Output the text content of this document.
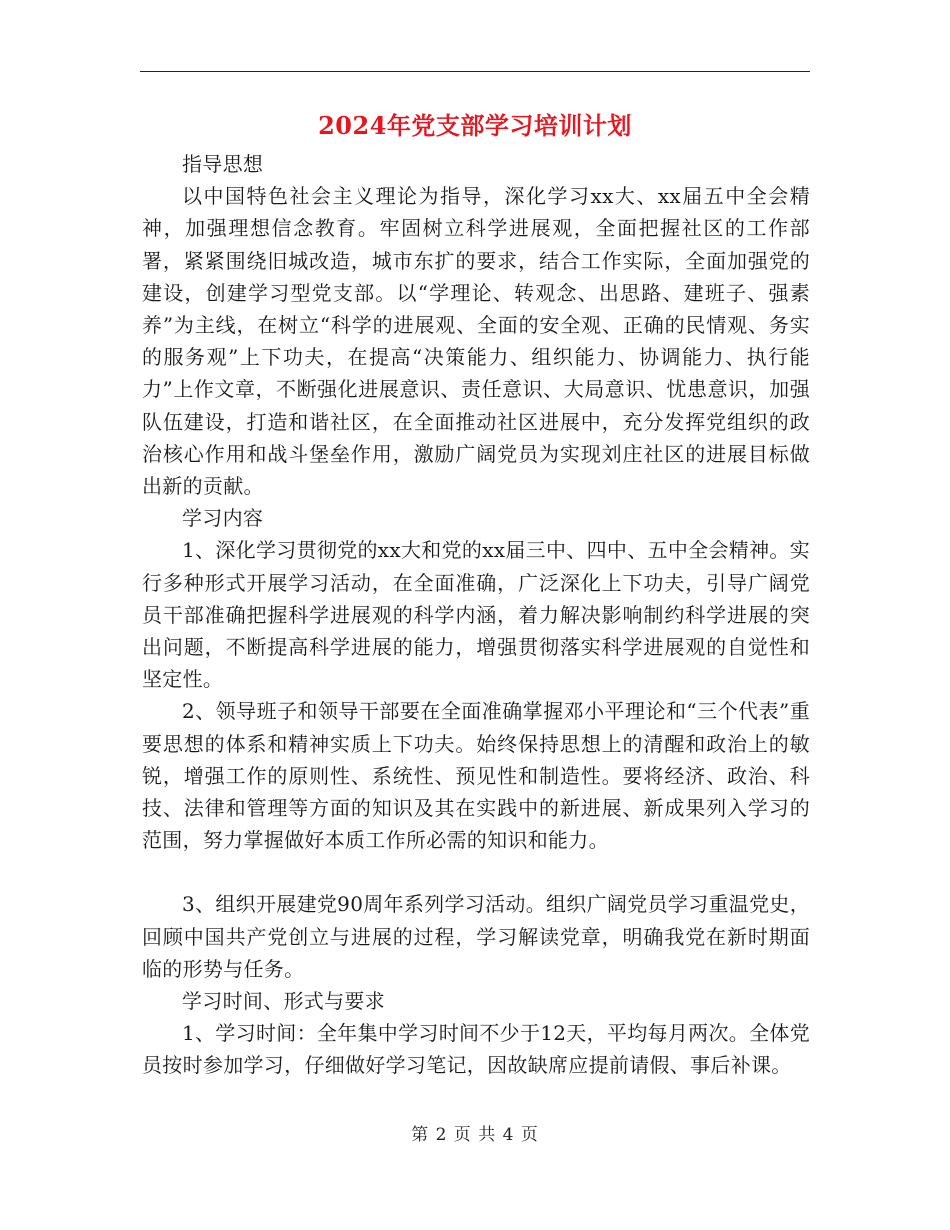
2024年党支部学习培训计划

指导思想

以中国特色社会主义理论为指导，深化学习xx大、xx届五中全会精神，加强理想信念教育。牢固树立科学进展观，全面把握社区的工作部署，紧紧围绕旧城改造，城市东扩的要求，结合工作实际，全面加强党的建设，创建学习型党支部。以“学理论、转观念、出思路、建班子、强素养”为主线，在树立“科学的进展观、全面的安全观、正确的民情观、务实的服务观”上下功夫，在提高“决策能力、组织能力、协调能力、执行能力”上作文章，不断强化进展意识、责任意识、大局意识、忧患意识，加强队伍建设，打造和谐社区，在全面推动社区进展中，充分发挥党组织的政治核心作用和战斗堡垒作用，激励广阔党员为实现刘庄社区的进展目标做出新的贡献。

学习内容

1、深化学习贯彻党的xx大和党的xx届三中、四中、五中全会精神。实行多种形式开展学习活动，在全面准确，广泛深化上下功夫，引导广阔党员干部准确把握科学进展观的科学内涵，着力解决影响制约科学进展的突出问题，不断提高科学进展的能力，增强贯彻落实科学进展观的自觉性和坚定性。

2、领导班子和领导干部要在全面准确掌握邓小平理论和“三个代表”重要思想的体系和精神实质上下功夫。始终保持思想上的清醒和政治上的敏锐，增强工作的原则性、系统性、预见性和制造性。要将经济、政治、科技、法律和管理等方面的知识及其在实践中的新进展、新成果列入学习的范围，努力掌握做好本质工作所必需的知识和能力。

3、组织开展建党90周年系列学习活动。组织广阔党员学习重温党史，回顾中国共产党创立与进展的过程，学习解读党章，明确我党在新时期面临的形势与任务。

学习时间、形式与要求

1、学习时间：全年集中学习时间不少于12天，平均每月两次。全体党员按时参加学习，仔细做好学习笔记，因故缺席应提前请假、事后补课。

第 2 页 共 4 页
